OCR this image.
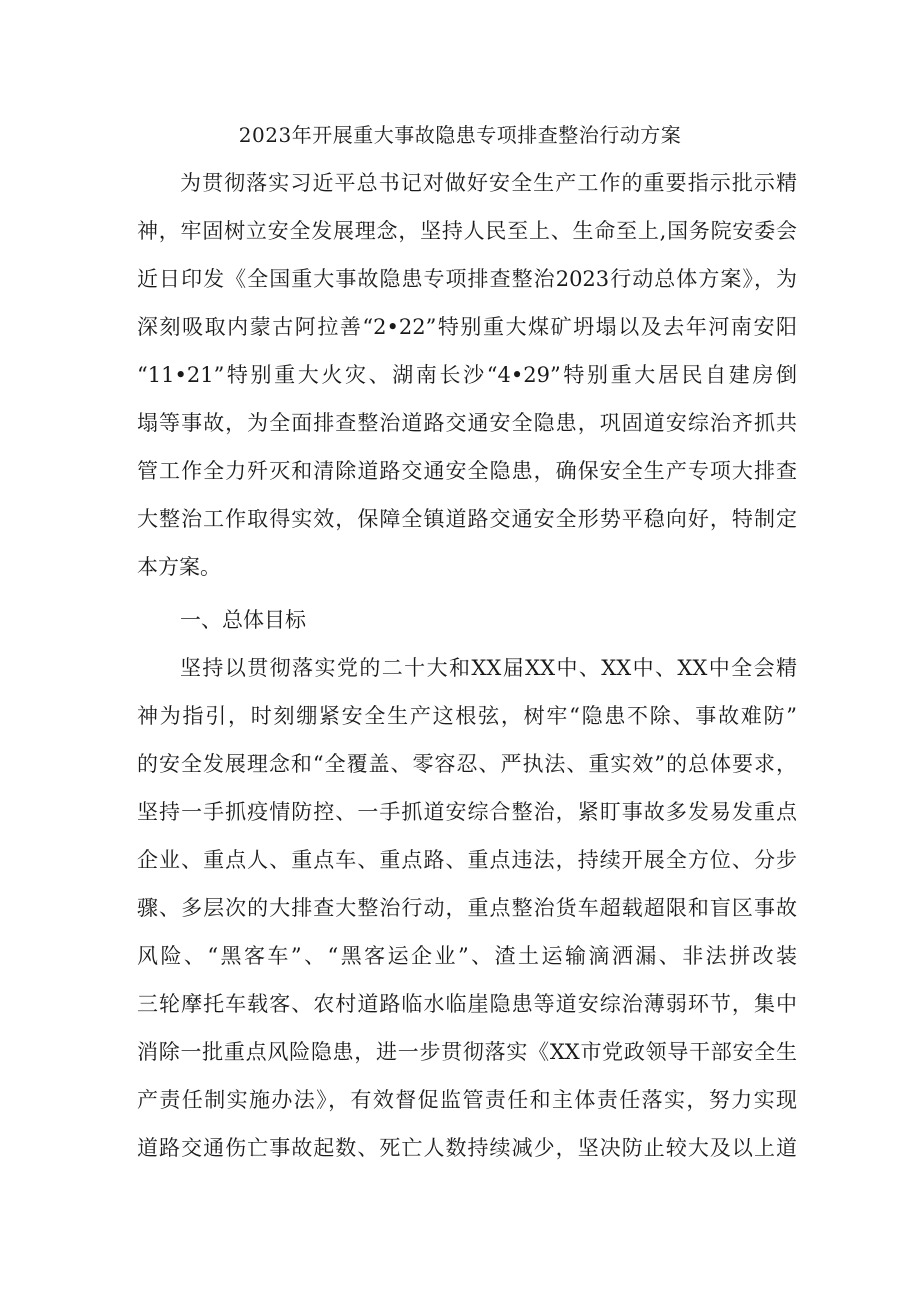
2023年开展重大事故隐患专项排查整治行动方案

为贯彻落实习近平总书记对做好安全生产工作的重要指示批示精

神，牢固树立安全发展理念，坚持人民至上、生命至上,国务院安委会

近日印发《全国重大事故隐患专项排查整治2023行动总体方案》，为

深刻吸取内蒙古阿拉善“2•22”特别重大煤矿坍塌以及去年河南安阳

“11•21”特别重大火灾、湖南长沙“4•29”特别重大居民自建房倒

塌等事故，为全面排查整治道路交通安全隐患，巩固道安综治齐抓共

管工作全力歼灭和清除道路交通安全隐患，确保安全生产专项大排查

大整治工作取得实效，保障全镇道路交通安全形势平稳向好，特制定

本方案。

一、总体目标

坚持以贯彻落实党的二十大和XX届XX中、XX中、XX中全会精

神为指引，时刻绷紧安全生产这根弦，树牢“隐患不除、事故难防”

的安全发展理念和“全覆盖、零容忍、严执法、重实效”的总体要求，

坚持一手抓疫情防控、一手抓道安综合整治，紧盯事故多发易发重点

企业、重点人、重点车、重点路、重点违法，持续开展全方位、分步

骤、多层次的大排查大整治行动，重点整治货车超载超限和盲区事故

风险、“黑客车”、“黑客运企业”、渣土运输滴洒漏、非法拼改装

三轮摩托车载客、农村道路临水临崖隐患等道安综治薄弱环节，集中

消除一批重点风险隐患，进一步贯彻落实《XX市党政领导干部安全生

产责任制实施办法》，有效督促监管责任和主体责任落实，努力实现

道路交通伤亡事故起数、死亡人数持续减少，坚决防止较大及以上道
